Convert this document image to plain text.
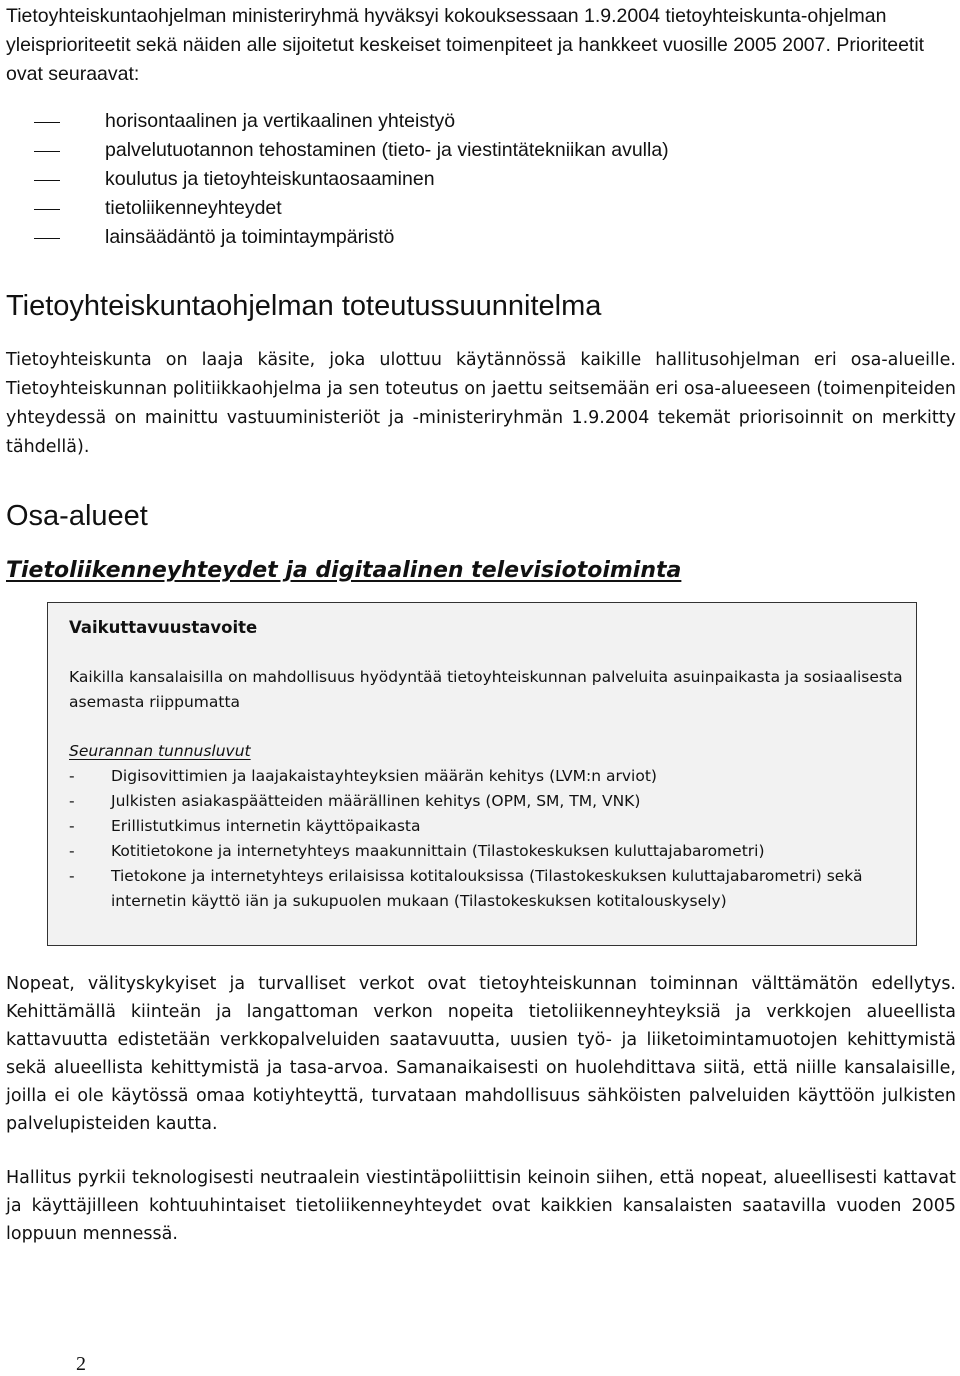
Tietoyhteiskuntaohjelman ministeriryhmä hyväksyi kokouksessaan 1.9.2004 tietoyhteiskunta-ohjelman yleisprioriteetit sekä näiden alle sijoitetut keskeiset toimenpiteet ja hankkeet vuosille 2005 2007. Prioriteetit ovat seuraavat:

horisontaalinen ja vertikaalinen yhteistyö
palvelutuotannon tehostaminen (tieto- ja viestintätekniikan avulla)
koulutus ja tietoyhteiskuntaosaaminen
tietoliikenneyhteydet
lainsäädäntö ja toimintaympäristö
Tietoyhteiskuntaohjelman toteutussuunnitelma

Tietoyhteiskunta on laaja käsite, joka ulottuu käytännössä kaikille hallitusohjelman eri osa-alueille. Tietoyhteiskunnan politiikkaohjelma ja sen toteutus on jaettu seitsemään eri osa-alueeseen (toimenpiteiden yhteydessä on mainittu vastuuministeriöt ja -ministeriryhmän 1.9.2004 tekemät priorisoinnit on merkitty tähdellä).

Osa-alueet
Tietoliikenneyhteydet ja digitaalinen televisiotoiminta

Vaikuttavuustavoite

Kaikilla kansalaisilla on mahdollisuus hyödyntää tietoyhteiskunnan palveluita asuinpaikasta ja sosiaalisesta asemasta riippumatta

Seurannan tunnusluvut

- Digisovittimien ja laajakaistayhteyksien määrän kehitys (LVM:n arviot)
- Julkisten asiakaspäätteiden määrällinen kehitys (OPM, SM, TM, VNK)
- Erillistutkimus internetin käyttöpaikasta
- Kotitietokone ja internetyhteys maakunnittain (Tilastokeskuksen kuluttajabarometri)
- Tietokone ja internetyhteys erilaisissa kotitalouksissa (Tilastokeskuksen kuluttajabarometri) sekä internetin käyttö iän ja sukupuolen mukaan (Tilastokeskuksen kotitalouskysely)

Nopeat, välityskykyiset ja turvalliset verkot ovat tietoyhteiskunnan toiminnan välttämätön edellytys. Kehittämällä kiinteän ja langattoman verkon nopeita tietoliikenneyhteyksiä ja verkkojen alueellista kattavuutta edistetään verkkopalveluiden saatavuutta, uusien työ- ja liiketoimintamuotojen kehittymistä sekä alueellista kehittymistä ja tasa-arvoa. Samanaikaisesti on huolehdittava siitä, että niille kansalaisille, joilla ei ole käytössä omaa kotiyhteyttä, turvataan mahdollisuus sähköisten palveluiden käyttöön julkisten palvelupisteiden kautta.

Hallitus pyrkii teknologisesti neutraalein viestintäpoliittisin keinoin siihen, että nopeat, alueellisesti kattavat ja käyttäjilleen kohtuuhintaiset tietoliikenneyhteydet ovat kaikkien kansalaisten saatavilla vuoden 2005 loppuun mennessä.

2
